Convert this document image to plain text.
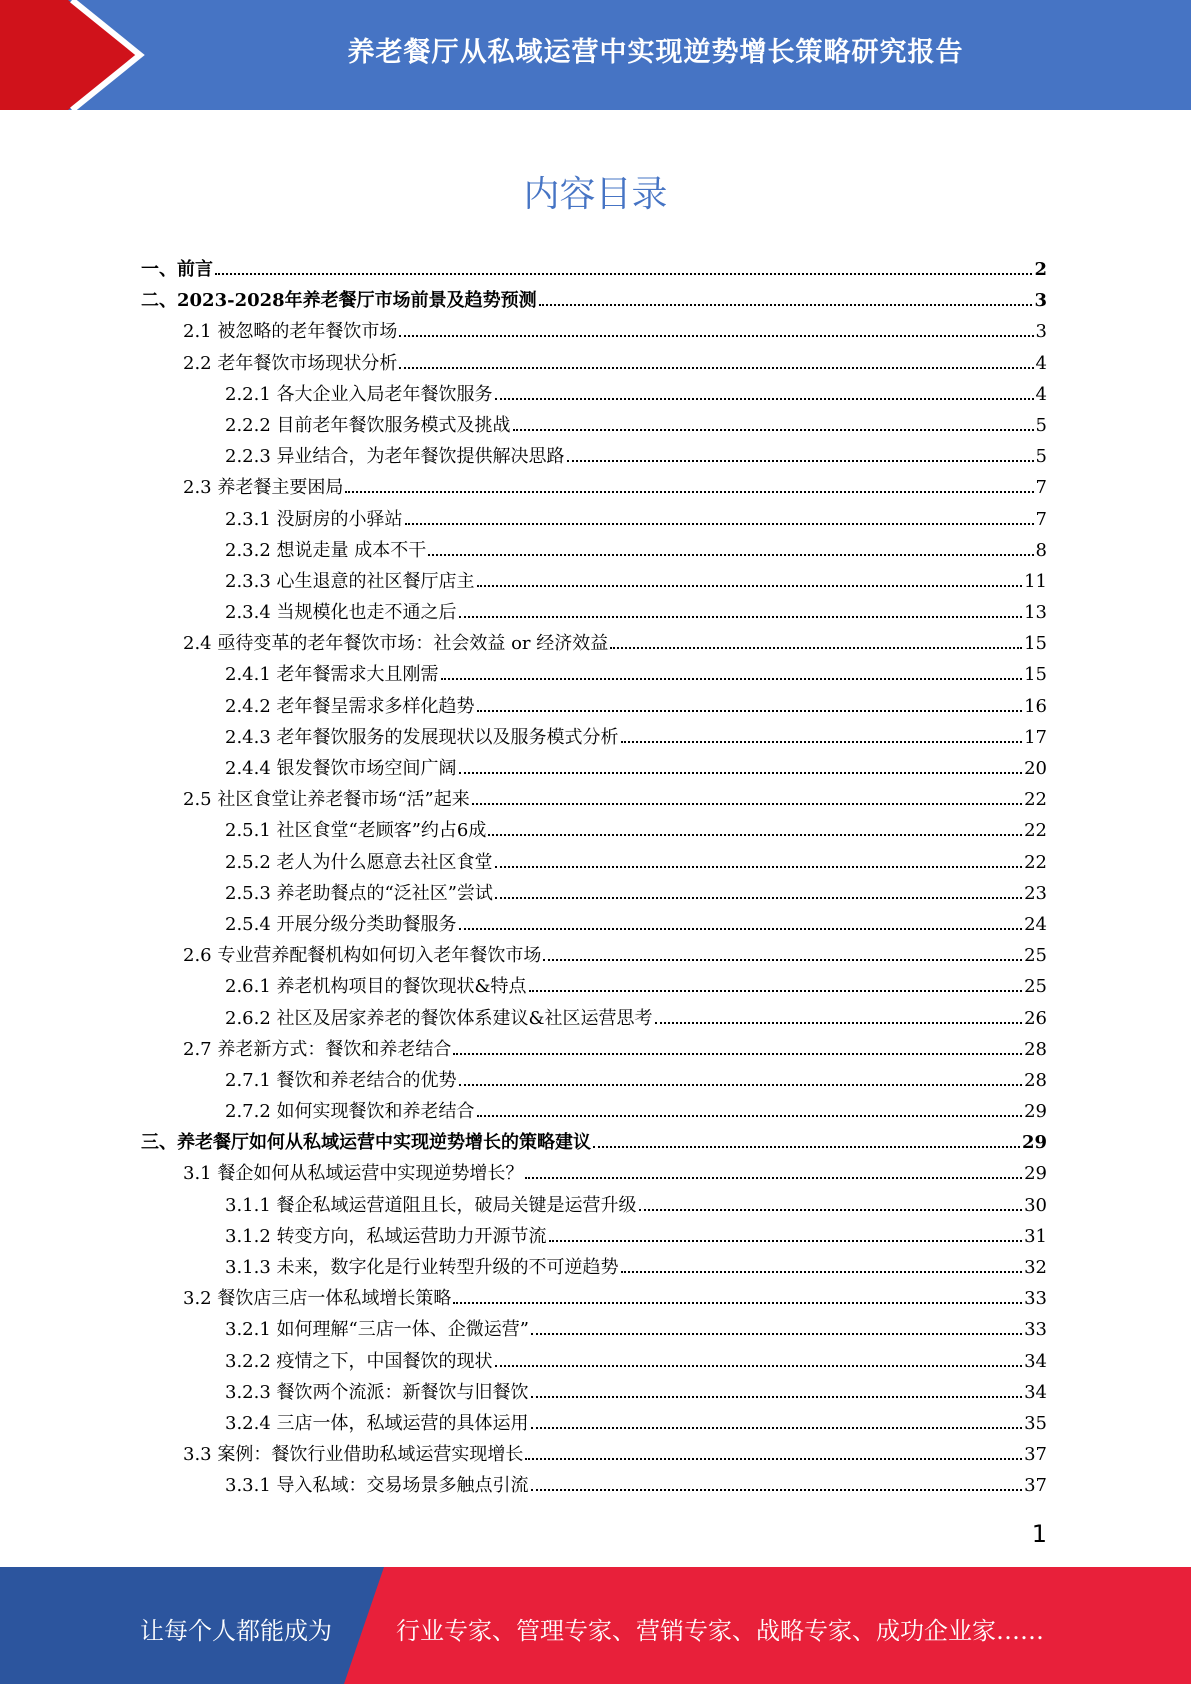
养老餐厅从私域运营中实现逆势增长策略研究报告
内容目录
一、前言	2
二、2023-2028年养老餐厅市场前景及趋势预测	3
2.1 被忽略的老年餐饮市场	3
2.2 老年餐饮市场现状分析	4
2.2.1 各大企业入局老年餐饮服务	4
2.2.2 目前老年餐饮服务模式及挑战	5
2.2.3 异业结合，为老年餐饮提供解决思路	5
2.3 养老餐主要困局	7
2.3.1 没厨房的小驿站	7
2.3.2 想说走量 成本不干	8
2.3.3 心生退意的社区餐厅店主	11
2.3.4 当规模化也走不通之后	13
2.4 亟待变革的老年餐饮市场：社会效益 or 经济效益	15
2.4.1 老年餐需求大且刚需	15
2.4.2 老年餐呈需求多样化趋势	16
2.4.3 老年餐饮服务的发展现状以及服务模式分析	17
2.4.4 银发餐饮市场空间广阔	20
2.5 社区食堂让养老餐市场“活”起来	22
2.5.1 社区食堂“老顾客”约占6成	22
2.5.2 老人为什么愿意去社区食堂	22
2.5.3 养老助餐点的“泛社区”尝试	23
2.5.4 开展分级分类助餐服务	24
2.6 专业营养配餐机构如何切入老年餐饮市场	25
2.6.1 养老机构项目的餐饮现状&特点	25
2.6.2 社区及居家养老的餐饮体系建议&社区运营思考	26
2.7 养老新方式：餐饮和养老结合	28
2.7.1 餐饮和养老结合的优势	28
2.7.2 如何实现餐饮和养老结合	29
三、养老餐厅如何从私域运营中实现逆势增长的策略建议	29
3.1 餐企如何从私域运营中实现逆势增长？	29
3.1.1 餐企私域运营道阻且长，破局关键是运营升级	30
3.1.2 转变方向，私域运营助力开源节流	31
3.1.3 未来，数字化是行业转型升级的不可逆趋势	32
3.2 餐饮店三店一体私域增长策略	33
3.2.1 如何理解“三店一体、企微运营”	33
3.2.2 疫情之下，中国餐饮的现状	34
3.2.3 餐饮两个流派：新餐饮与旧餐饮	34
3.2.4 三店一体，私域运营的具体运用	35
3.3 案例：餐饮行业借助私域运营实现增长	37
3.3.1 导入私域：交易场景多触点引流	37
1
让每个人都能成为	行业专家、管理专家、营销专家、战略专家、成功企业家……
